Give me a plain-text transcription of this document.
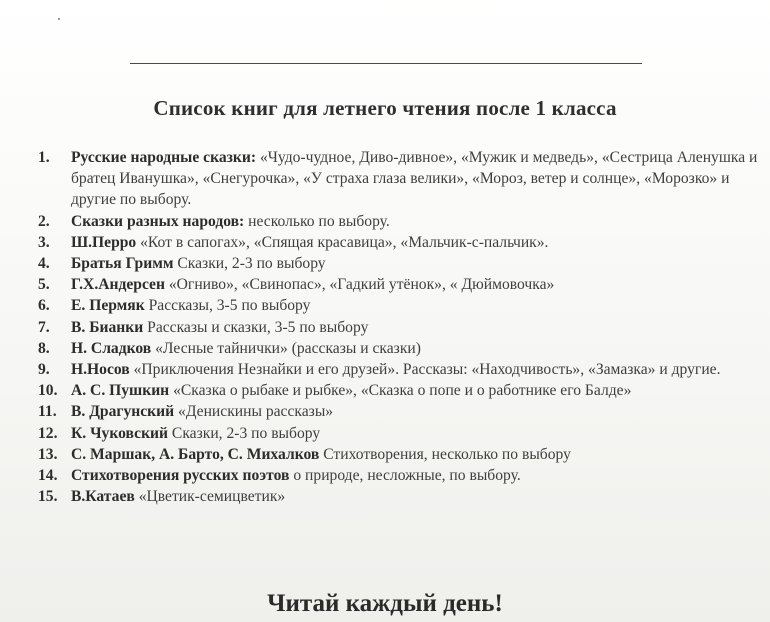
Список книг для летнего чтения после 1 класса
1.	Русские народные сказки: «Чудо-чудное, Диво-дивное», «Мужик и медведь», «Сестрица Аленушка и братец Иванушка», «Снегурочка», «У страха глаза велики», «Мороз, ветер и солнце», «Морозко» и другие по выбору.
2.	Сказки разных народов: несколько по выбору.
3.	Ш.Перро «Кот в сапогах», «Спящая красавица», «Мальчик-с-пальчик».
4.	Братья Гримм Сказки, 2-3 по выбору
5.	Г.Х.Андерсен «Огниво», «Свинопас», «Гадкий утёнок», « Дюймовочка»
6.	Е. Пермяк Рассказы, 3-5 по выбору
7.	В. Бианки Рассказы и сказки, 3-5 по выбору
8.	Н. Сладков «Лесные тайнички» (рассказы и сказки)
9.	Н.Носов «Приключения Незнайки и его друзей». Рассказы: «Находчивость», «Замазка» и другие.
10. А. С. Пушкин «Сказка о рыбаке и рыбке», «Сказка о попе и о работнике его Балде»
11. В. Драгунский «Денискины рассказы»
12. К. Чуковский Сказки, 2-3 по выбору
13. С. Маршак, А. Барто, С. Михалков Стихотворения, несколько по выбору
14. Стихотворения русских поэтов о природе, несложные, по выбору.
15. В.Катаев «Цветик-семицветик»
Читай каждый день!
